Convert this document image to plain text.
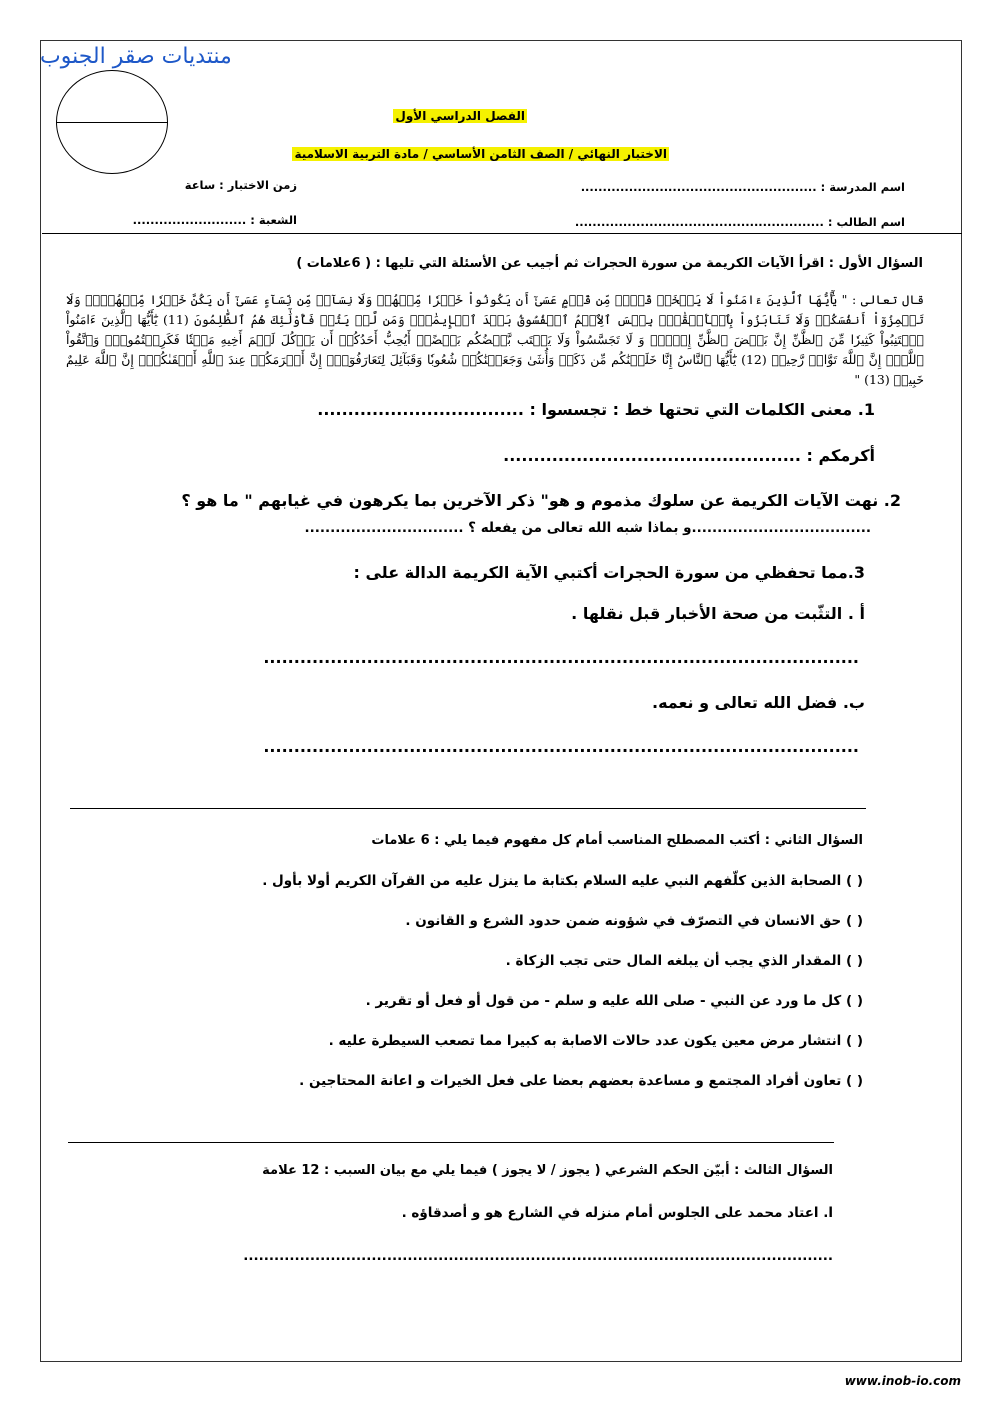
منتديات صقر الجنوب
الفصل الدراسي الأول
الاختبار النهائي / الصف الثامن الأساسي / مادة التربية الاسلامية
اسم المدرسة : ......................................................
زمن الاختبار : ساعة
اسم الطالب : .........................................................
الشعبة : ..........................
السؤال الأول : اقرأ الآيات الكريمة من سورة الحجرات ثم أجيب عن الأسئلة التي تليها : ( 6علامات )
قال تعالى : " يَٰٓأَيُّهَا ٱلَّذِينَ ءَامَنُواْ لَا يَسۡخَرۡ قَوۡمٞ مِّن قَوۡمٍ عَسَىٰٓ أَن يَكُونُواْ خَيۡرٗا مِّنۡهُمۡ وَلَا نِسَآءٞ مِّن نِّسَآءٍ عَسَىٰٓ أَن يَكُنَّ خَيۡرٗا مِّنۡهُنَّۖ وَلَا تَلۡمِزُوٓاْ أَنفُسَكُمۡ وَلَا تَنَابَزُواْ بِٱلۡأَلۡقَٰبِۖ بِئۡسَ ٱلِٱسۡمُ ٱلۡفُسُوقُ بَعۡدَ ٱلۡإِيمَٰنِۚ وَمَن لَّمۡ يَتُبۡ فَأُوْلَٰٓئِكَ هُمُ ٱلظَّٰلِمُونَ (11) يَٰٓأَيُّهَا ٱلَّذِينَ ءَامَنُواْ ٱجۡتَنِبُواْ كَثِيرٗا مِّنَ ٱلظَّنِّ إِنَّ بَعۡضَ ٱلظَّنِّ إِثۡمٞۖ وَ لَا تَجَسَّسُواْ وَلَا يَغۡتَب بَّعۡضُكُم بَعۡضًاۚ أَيُحِبُّ أَحَدُكُمۡ أَن يَأۡكُلَ لَحۡمَ أَخِيهِ مَيۡتٗا فَكَرِهۡتُمُوهُۚ وَٱتَّقُواْ ٱللَّهَۚ إِنَّ ٱللَّهَ تَوَّابٞ رَّحِيمٞ (12) يَٰٓأَيُّهَا ٱلنَّاسُ إِنَّا خَلَقۡنَٰكُم مِّن ذَكَرٖ وَأُنثَىٰ وَجَعَلۡنَٰكُمۡ شُعُوبٗا وَقَبَآئِلَ لِتَعَارَفُوٓاْۚ إِنَّ أَكۡرَمَكُمۡ عِندَ ٱللَّهِ أَتۡقَىٰكُمۡۚ إِنَّ ٱللَّهَ عَلِيمٌ خَبِيرٞ (13) "
1. معنى الكلمات التي تحتها خط : تجسسوا : ..................................
أكرمكم : .................................................
2. نهت الآيات الكريمة عن سلوك مذموم و هو" ذكر الآخرين بما يكرهون في غيابهم " ما هو ؟
...................................و بماذا شبه الله تعالى من يفعله ؟ ...............................
3.مما تحفظي من سورة الحجرات أكتبي الآية الكريمة الدالة على :
أ . التثّبت من صحة الأخبار قبل نقلها .
..................................................................................................
ب. فضل الله تعالى و نعمه.
..................................................................................................
السؤال الثاني : أكتب المصطلح المناسب أمام كل مفهوم فيما يلي : 6 علامات
( ) الصحابة الذين كلّفهم النبي عليه السلام بكتابة ما ينزل عليه من القرآن الكريم أولا بأول .
( ) حق الانسان في التصرّف في شؤونه ضمن حدود الشرع و القانون .
( ) المقدار الذي يجب أن يبلغه المال حتى تجب الزكاة .
( ) كل ما ورد عن النبي - صلى الله عليه و سلم - من قول أو فعل أو تقرير .
( ) انتشار مرض معين يكون عدد حالات الاصابة به كبيرا مما تصعب السيطرة عليه .
( ) تعاون أفراد المجتمع و مساعدة بعضهم بعضا على فعل الخيرات و اعانة المحتاجين .
السؤال الثالث : أبيّن الحكم الشرعي ( يجوز / لا يجوز ) فيما يلي مع بيان السبب : 12 علامة
ا. اعتاد محمد على الجلوس أمام منزله في الشارع هو و أصدقاؤه .
...................................................................................................................
www.inob-io.com
